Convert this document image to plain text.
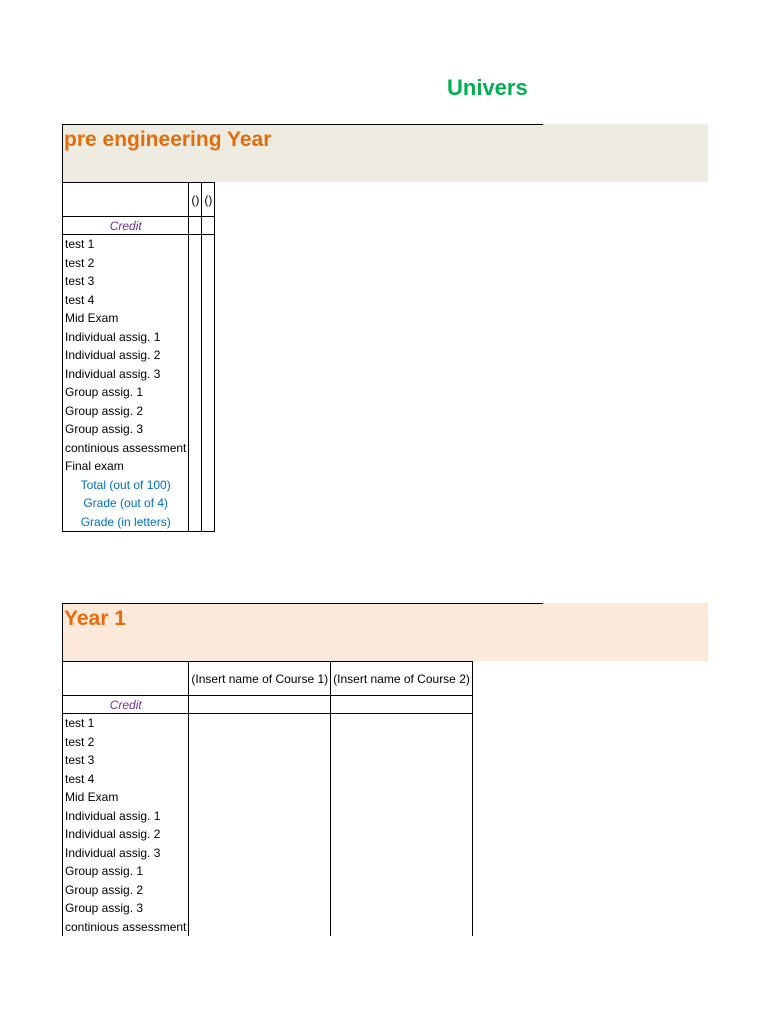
Univers
pre engineering Year
	()	()
Credit		
test 1		
test 2		
test 3		
test 4		
Mid Exam		
Individual assig. 1		
Individual assig. 2		
Individual assig. 3		
Group assig. 1		
Group assig. 2		
Group assig. 3		
continious assessment		
Final exam		
Total (out of 100)		
Grade (out of 4)		
Grade (in letters)		
Year 1
	(Insert name of Course 1)	(Insert name of Course 2)
Credit		
test 1		
test 2		
test 3		
test 4		
Mid Exam		
Individual assig. 1		
Individual assig. 2		
Individual assig. 3		
Group assig. 1		
Group assig. 2		
Group assig. 3		
continious assessment		
